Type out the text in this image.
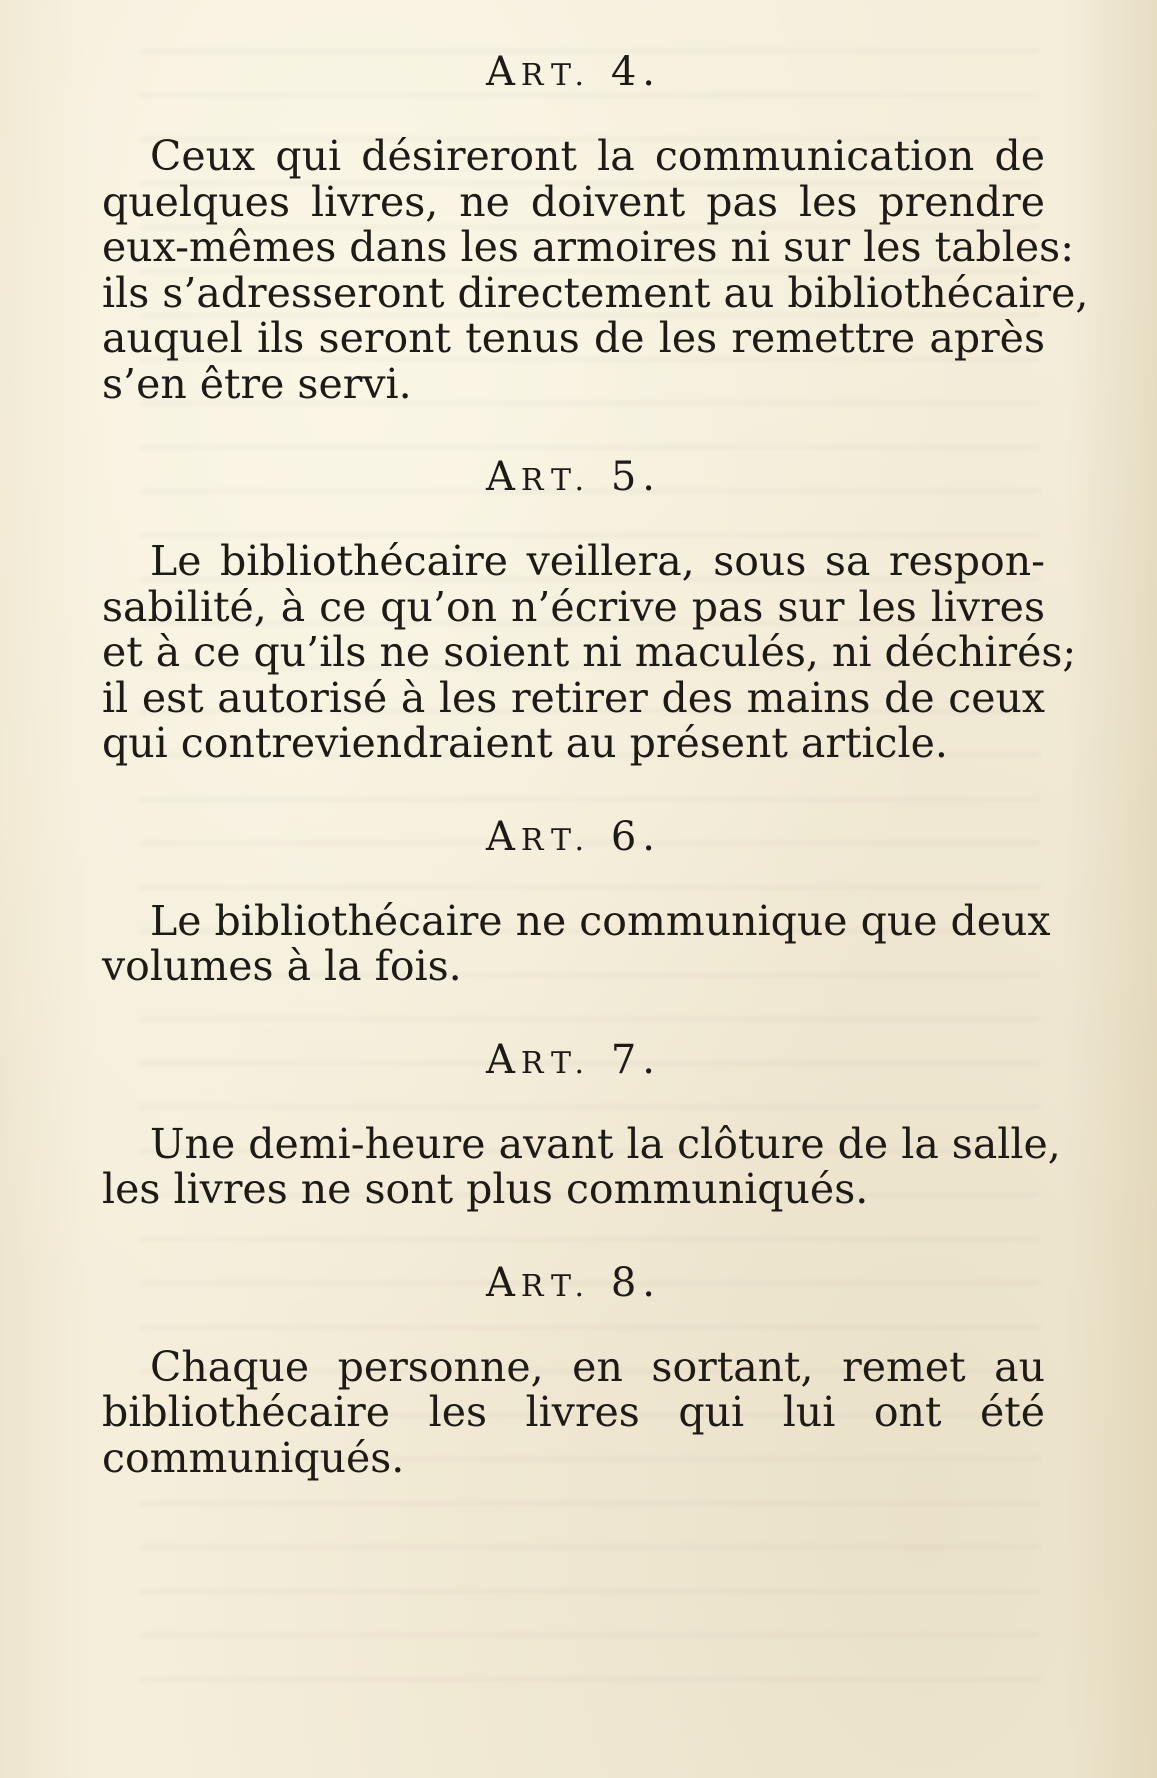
ART. 4.
Ceux qui désireront la communication de
quelques livres, ne doivent pas les prendre
eux-mêmes dans les armoires ni sur les tables:
ils s’adresseront directement au bibliothécaire,
auquel ils seront tenus de les remettre après
s’en être servi.
ART. 5.
Le bibliothécaire veillera, sous sa respon-
sabilité, à ce qu’on n’écrive pas sur les livres
et à ce qu’ils ne soient ni maculés, ni déchirés;
il est autorisé à les retirer des mains de ceux
qui contreviendraient au présent article.
ART. 6.
Le bibliothécaire ne communique que deux
volumes à la fois.
ART. 7.
Une demi-heure avant la clôture de la salle,
les livres ne sont plus communiqués.
ART. 8.
Chaque personne, en sortant, remet au
bibliothécaire les livres qui lui ont été
communiqués.
